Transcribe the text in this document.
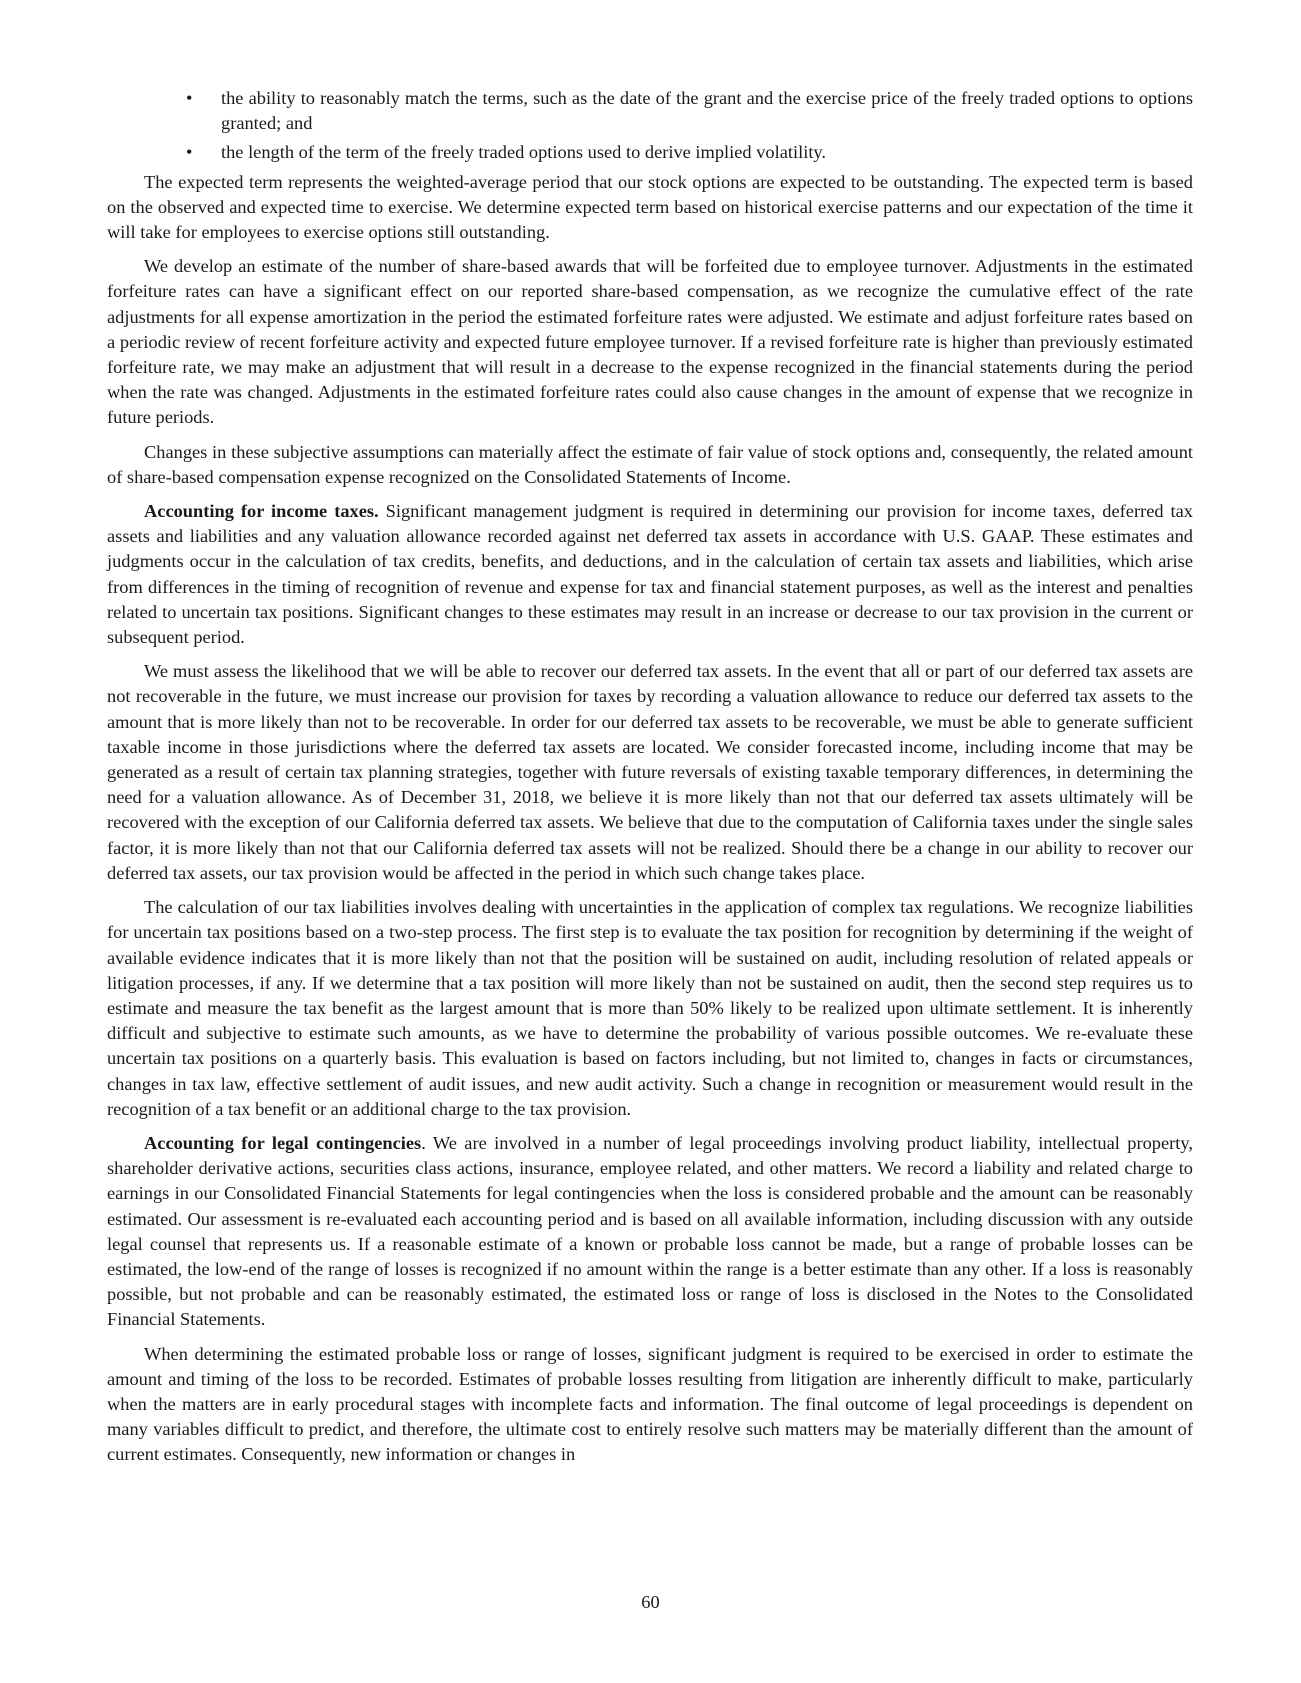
• the ability to reasonably match the terms, such as the date of the grant and the exercise price of the freely traded options to options granted; and
• the length of the term of the freely traded options used to derive implied volatility.

The expected term represents the weighted-average period that our stock options are expected to be outstanding. The expected term is based on the observed and expected time to exercise. We determine expected term based on historical exercise patterns and our expectation of the time it will take for employees to exercise options still outstanding.

We develop an estimate of the number of share-based awards that will be forfeited due to employee turnover. Adjustments in the estimated forfeiture rates can have a significant effect on our reported share-based compensation, as we recognize the cumulative effect of the rate adjustments for all expense amortization in the period the estimated forfeiture rates were adjusted. We estimate and adjust forfeiture rates based on a periodic review of recent forfeiture activity and expected future employee turnover. If a revised forfeiture rate is higher than previously estimated forfeiture rate, we may make an adjustment that will result in a decrease to the expense recognized in the financial statements during the period when the rate was changed. Adjustments in the estimated forfeiture rates could also cause changes in the amount of expense that we recognize in future periods.

Changes in these subjective assumptions can materially affect the estimate of fair value of stock options and, consequently, the related amount of share-based compensation expense recognized on the Consolidated Statements of Income.

Accounting for income taxes. Significant management judgment is required in determining our provision for income taxes, deferred tax assets and liabilities and any valuation allowance recorded against net deferred tax assets in accordance with U.S. GAAP. These estimates and judgments occur in the calculation of tax credits, benefits, and deductions, and in the calculation of certain tax assets and liabilities, which arise from differences in the timing of recognition of revenue and expense for tax and financial statement purposes, as well as the interest and penalties related to uncertain tax positions. Significant changes to these estimates may result in an increase or decrease to our tax provision in the current or subsequent period.

We must assess the likelihood that we will be able to recover our deferred tax assets. In the event that all or part of our deferred tax assets are not recoverable in the future, we must increase our provision for taxes by recording a valuation allowance to reduce our deferred tax assets to the amount that is more likely than not to be recoverable. In order for our deferred tax assets to be recoverable, we must be able to generate sufficient taxable income in those jurisdictions where the deferred tax assets are located. We consider forecasted income, including income that may be generated as a result of certain tax planning strategies, together with future reversals of existing taxable temporary differences, in determining the need for a valuation allowance. As of December 31, 2018, we believe it is more likely than not that our deferred tax assets ultimately will be recovered with the exception of our California deferred tax assets. We believe that due to the computation of California taxes under the single sales factor, it is more likely than not that our California deferred tax assets will not be realized. Should there be a change in our ability to recover our deferred tax assets, our tax provision would be affected in the period in which such change takes place.

The calculation of our tax liabilities involves dealing with uncertainties in the application of complex tax regulations. We recognize liabilities for uncertain tax positions based on a two-step process. The first step is to evaluate the tax position for recognition by determining if the weight of available evidence indicates that it is more likely than not that the position will be sustained on audit, including resolution of related appeals or litigation processes, if any. If we determine that a tax position will more likely than not be sustained on audit, then the second step requires us to estimate and measure the tax benefit as the largest amount that is more than 50% likely to be realized upon ultimate settlement. It is inherently difficult and subjective to estimate such amounts, as we have to determine the probability of various possible outcomes. We re-evaluate these uncertain tax positions on a quarterly basis. This evaluation is based on factors including, but not limited to, changes in facts or circumstances, changes in tax law, effective settlement of audit issues, and new audit activity. Such a change in recognition or measurement would result in the recognition of a tax benefit or an additional charge to the tax provision.

Accounting for legal contingencies. We are involved in a number of legal proceedings involving product liability, intellectual property, shareholder derivative actions, securities class actions, insurance, employee related, and other matters. We record a liability and related charge to earnings in our Consolidated Financial Statements for legal contingencies when the loss is considered probable and the amount can be reasonably estimated. Our assessment is re-evaluated each accounting period and is based on all available information, including discussion with any outside legal counsel that represents us. If a reasonable estimate of a known or probable loss cannot be made, but a range of probable losses can be estimated, the low-end of the range of losses is recognized if no amount within the range is a better estimate than any other. If a loss is reasonably possible, but not probable and can be reasonably estimated, the estimated loss or range of loss is disclosed in the Notes to the Consolidated Financial Statements.

When determining the estimated probable loss or range of losses, significant judgment is required to be exercised in order to estimate the amount and timing of the loss to be recorded. Estimates of probable losses resulting from litigation are inherently difficult to make, particularly when the matters are in early procedural stages with incomplete facts and information. The final outcome of legal proceedings is dependent on many variables difficult to predict, and therefore, the ultimate cost to entirely resolve such matters may be materially different than the amount of current estimates. Consequently, new information or changes in

60
